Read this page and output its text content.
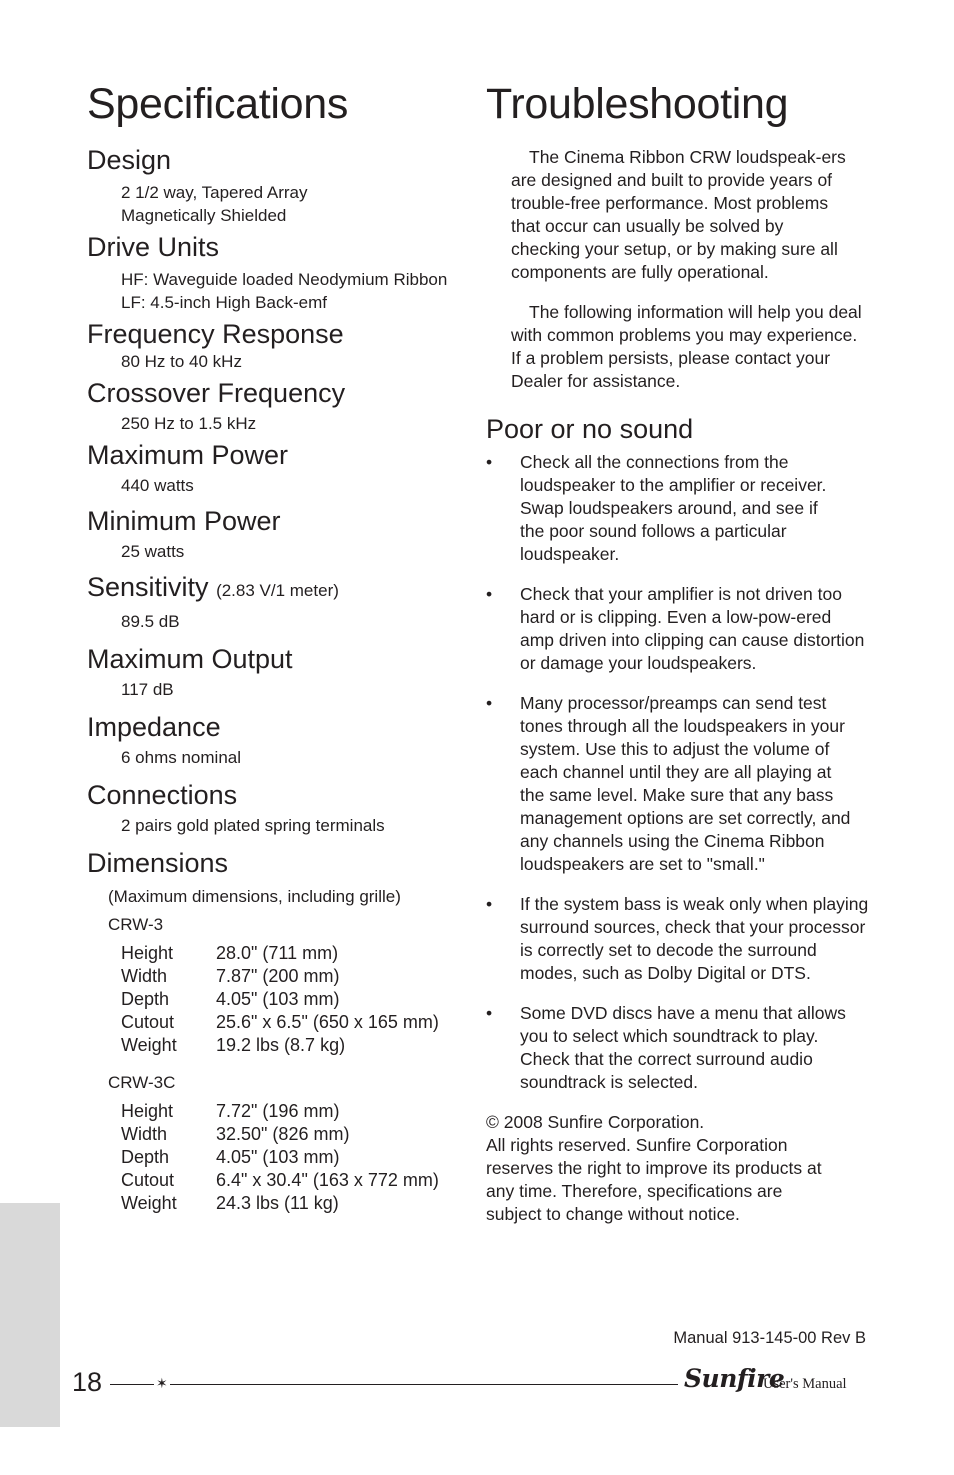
Specifications
Design

2 1/2 way, Tapered Array

Magnetically Shielded

Drive Units

HF: Waveguide loaded Neodymium Ribbon

LF: 4.5-inch High Back-emf

Frequency Response

80 Hz to 40 kHz

Crossover Frequency

250 Hz to 1.5 kHz

Maximum Power

440 watts

Minimum Power

25 watts

Sensitivity (2.83 V/1 meter)

89.5 dB

Maximum Output

117 dB

Impedance

6 ohms nominal

Connections

2 pairs gold plated spring terminals

Dimensions

(Maximum dimensions, including grille)

CRW-3

Height	28.0" (711 mm)
Width	7.87" (200 mm)
Depth	4.05" (103 mm)
Cutout	25.6" x 6.5" (650 x 165 mm)
Weight	19.2 lbs (8.7 kg)

CRW-3C

Height	7.72" (196 mm)
Width	32.50" (826 mm)
Depth	4.05" (103 mm)
Cutout	6.4" x 30.4" (163 x 772 mm)
Weight	24.3 lbs (11 kg)
Troubleshooting

The Cinema Ribbon CRW loudspeak-ers are designed and built to provide years of trouble-free performance. Most problems that occur can usually be solved by checking your setup, or by making sure all components are fully operational.

The following information will help you deal with common problems you may experience. If a problem persists, please contact your Dealer for assistance.

Poor or no sound
• Check all the connections from the loudspeaker to the amplifier or receiver. Swap loudspeakers around, and see if the poor sound follows a particular loudspeaker.
• Check that your amplifier is not driven too hard or is clipping. Even a low-pow-ered amp driven into clipping can cause distortion or damage your loudspeakers.
• Many processor/preamps can send test tones through all the loudspeakers in your system. Use this to adjust the volume of each channel until they are all playing at the same level. Make sure that any bass management options are set correctly, and any channels using the Cinema Ribbon loudspeakers are set to "small."
• If the system bass is weak only when playing surround sources, check that your processor is correctly set to decode the surround modes, such as Dolby Digital or DTS.
• Some DVD discs have a menu that allows you to select which soundtrack to play. Check that the correct surround audio soundtrack is selected.
© 2008 Sunfire Corporation.
All rights reserved. Sunfire Corporation reserves the right to improve its products at any time. Therefore, specifications are subject to change without notice.
Manual 913-145-00 Rev B
18	✶	Sunfire
User's Manual
